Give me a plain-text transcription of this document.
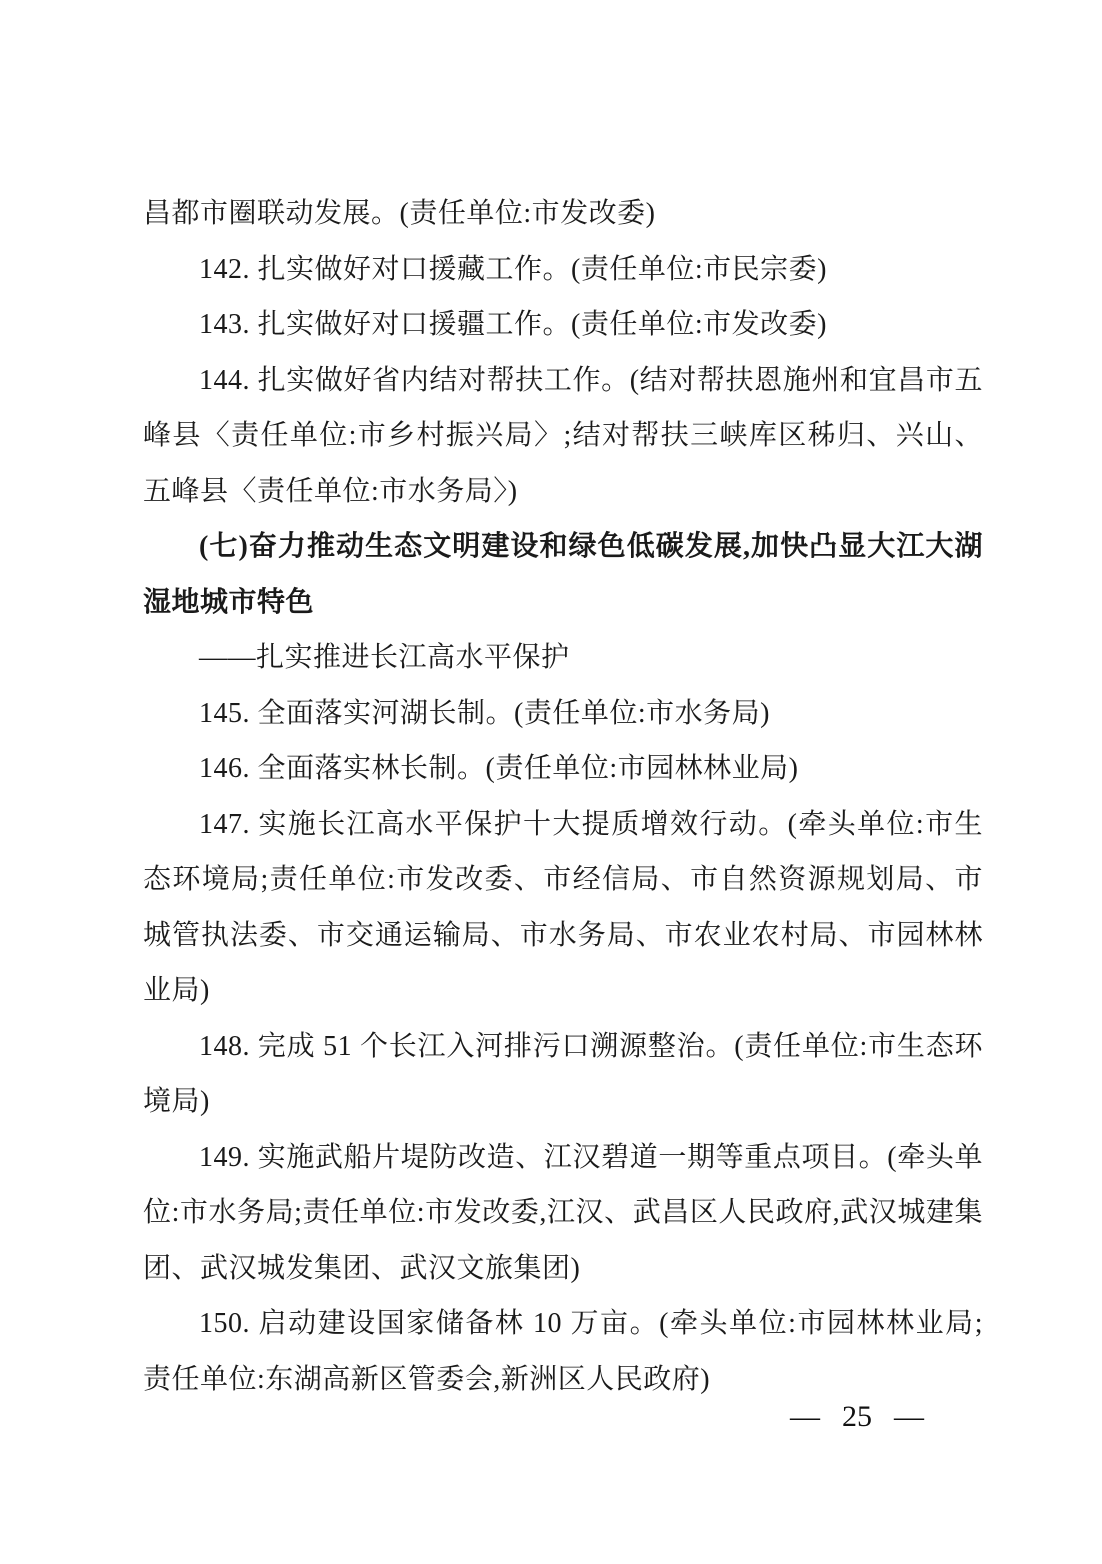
昌都市圈联动发展。(责任单位:市发改委)

142. 扎实做好对口援藏工作。(责任单位:市民宗委)

143. 扎实做好对口援疆工作。(责任单位:市发改委)

144. 扎实做好省内结对帮扶工作。(结对帮扶恩施州和宜昌市五峰县〈责任单位:市乡村振兴局〉;结对帮扶三峡库区秭归、兴山、五峰县〈责任单位:市水务局〉)

(七)奋力推动生态文明建设和绿色低碳发展,加快凸显大江大湖湿地城市特色

——扎实推进长江高水平保护

145. 全面落实河湖长制。(责任单位:市水务局)

146. 全面落实林长制。(责任单位:市园林林业局)

147. 实施长江高水平保护十大提质增效行动。(牵头单位:市生态环境局;责任单位:市发改委、市经信局、市自然资源规划局、市城管执法委、市交通运输局、市水务局、市农业农村局、市园林林业局)

148. 完成 51 个长江入河排污口溯源整治。(责任单位:市生态环境局)

149. 实施武船片堤防改造、江汉碧道一期等重点项目。(牵头单位:市水务局;责任单位:市发改委,江汉、武昌区人民政府,武汉城建集团、武汉城发集团、武汉文旅集团)

150. 启动建设国家储备林 10 万亩。(牵头单位:市园林林业局;责任单位:东湖高新区管委会,新洲区人民政府)

— 25 —
